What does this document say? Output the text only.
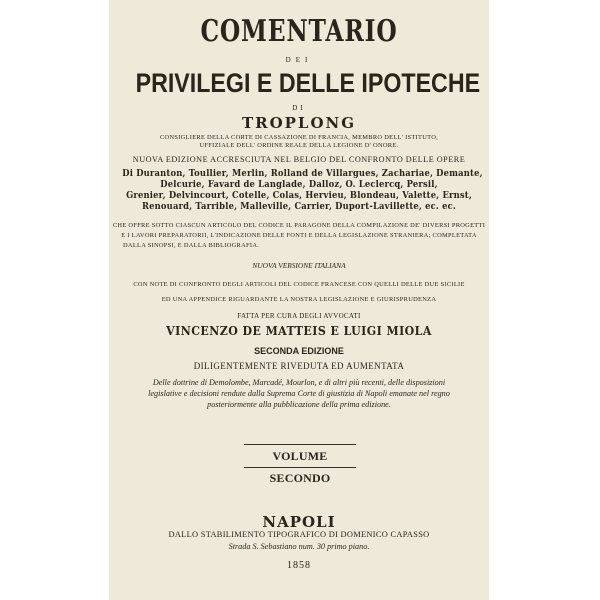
COMENTARIO
DEI
PRIVILEGI E DELLE IPOTECHE
DI
TROPLONG
CONSIGLIERE DELLA CORTE DI CASSAZIONE DI FRANCIA, MEMBRO DELL' ISTITUTO,
UFFIZIALE DELL' ORDINE REALE DELLA LEGIONE D' ONORE.
NUOVA EDIZIONE ACCRESCIUTA NEL BELGIO DEL CONFRONTO DELLE OPERE
Di Duranton, Toullier, Merlin, Rolland de Villargues, Zachariae, Demante,
Delcurie, Favard de Langlade, Dalloz, O. Leclercq, Persil,
Grenier, Delvincourt, Cotelle, Colas, Hervieu, Blondeau, Valette, Ernst,
Renouard, Tarrible, Malleville, Carrier, Duport-Lavillette, ec. ec.
CHE OFFRE SOTTO CIASCUN ARTICOLO DEL CODICE IL PARAGONE DELLA COMPILAZIONE DE' DIVERSI PROGETTI
E I LAVORI PREPARATORII, L'INDICAZIONE DELLE FONTI E DELLA LEGISLAZIONE STRANIERA; COMPLETATA
DALLA SINOPSI, E DALLA BIBLIOGRAFIA.
NUOVA VERSIONE ITALIANA
CON NOTE DI CONFRONTO DEGLI ARTICOLI DEL CODICE FRANCESE CON QUELLI DELLE DUE SICILIE
ED UNA APPENDICE RIGUARDANTE LA NOSTRA LEGISLAZIONE E GIURISPRUDENZA
FATTA PER CURA DEGLI AVVOCATI
VINCENZO DE MATTEIS E LUIGI MIOLA
SECONDA EDIZIONE
DILIGENTEMENTE RIVEDUTA ED AUMENTATA
Delle dottrine di Demolombe, Marcadé, Mourlon, e di altri più recenti, delle disposizioni
legislative e decisioni rendute dalla Suprema Corte di giustizia di Napoli emanate nel regno
posteriormente alla pubblicazione della prima edizione.
VOLUME SECONDO
NAPOLI
DALLO STABILIMENTO TIPOGRAFICO DI DOMENICO CAPASSO
Strada S. Sebastiano num. 30 primo piano.
1858
